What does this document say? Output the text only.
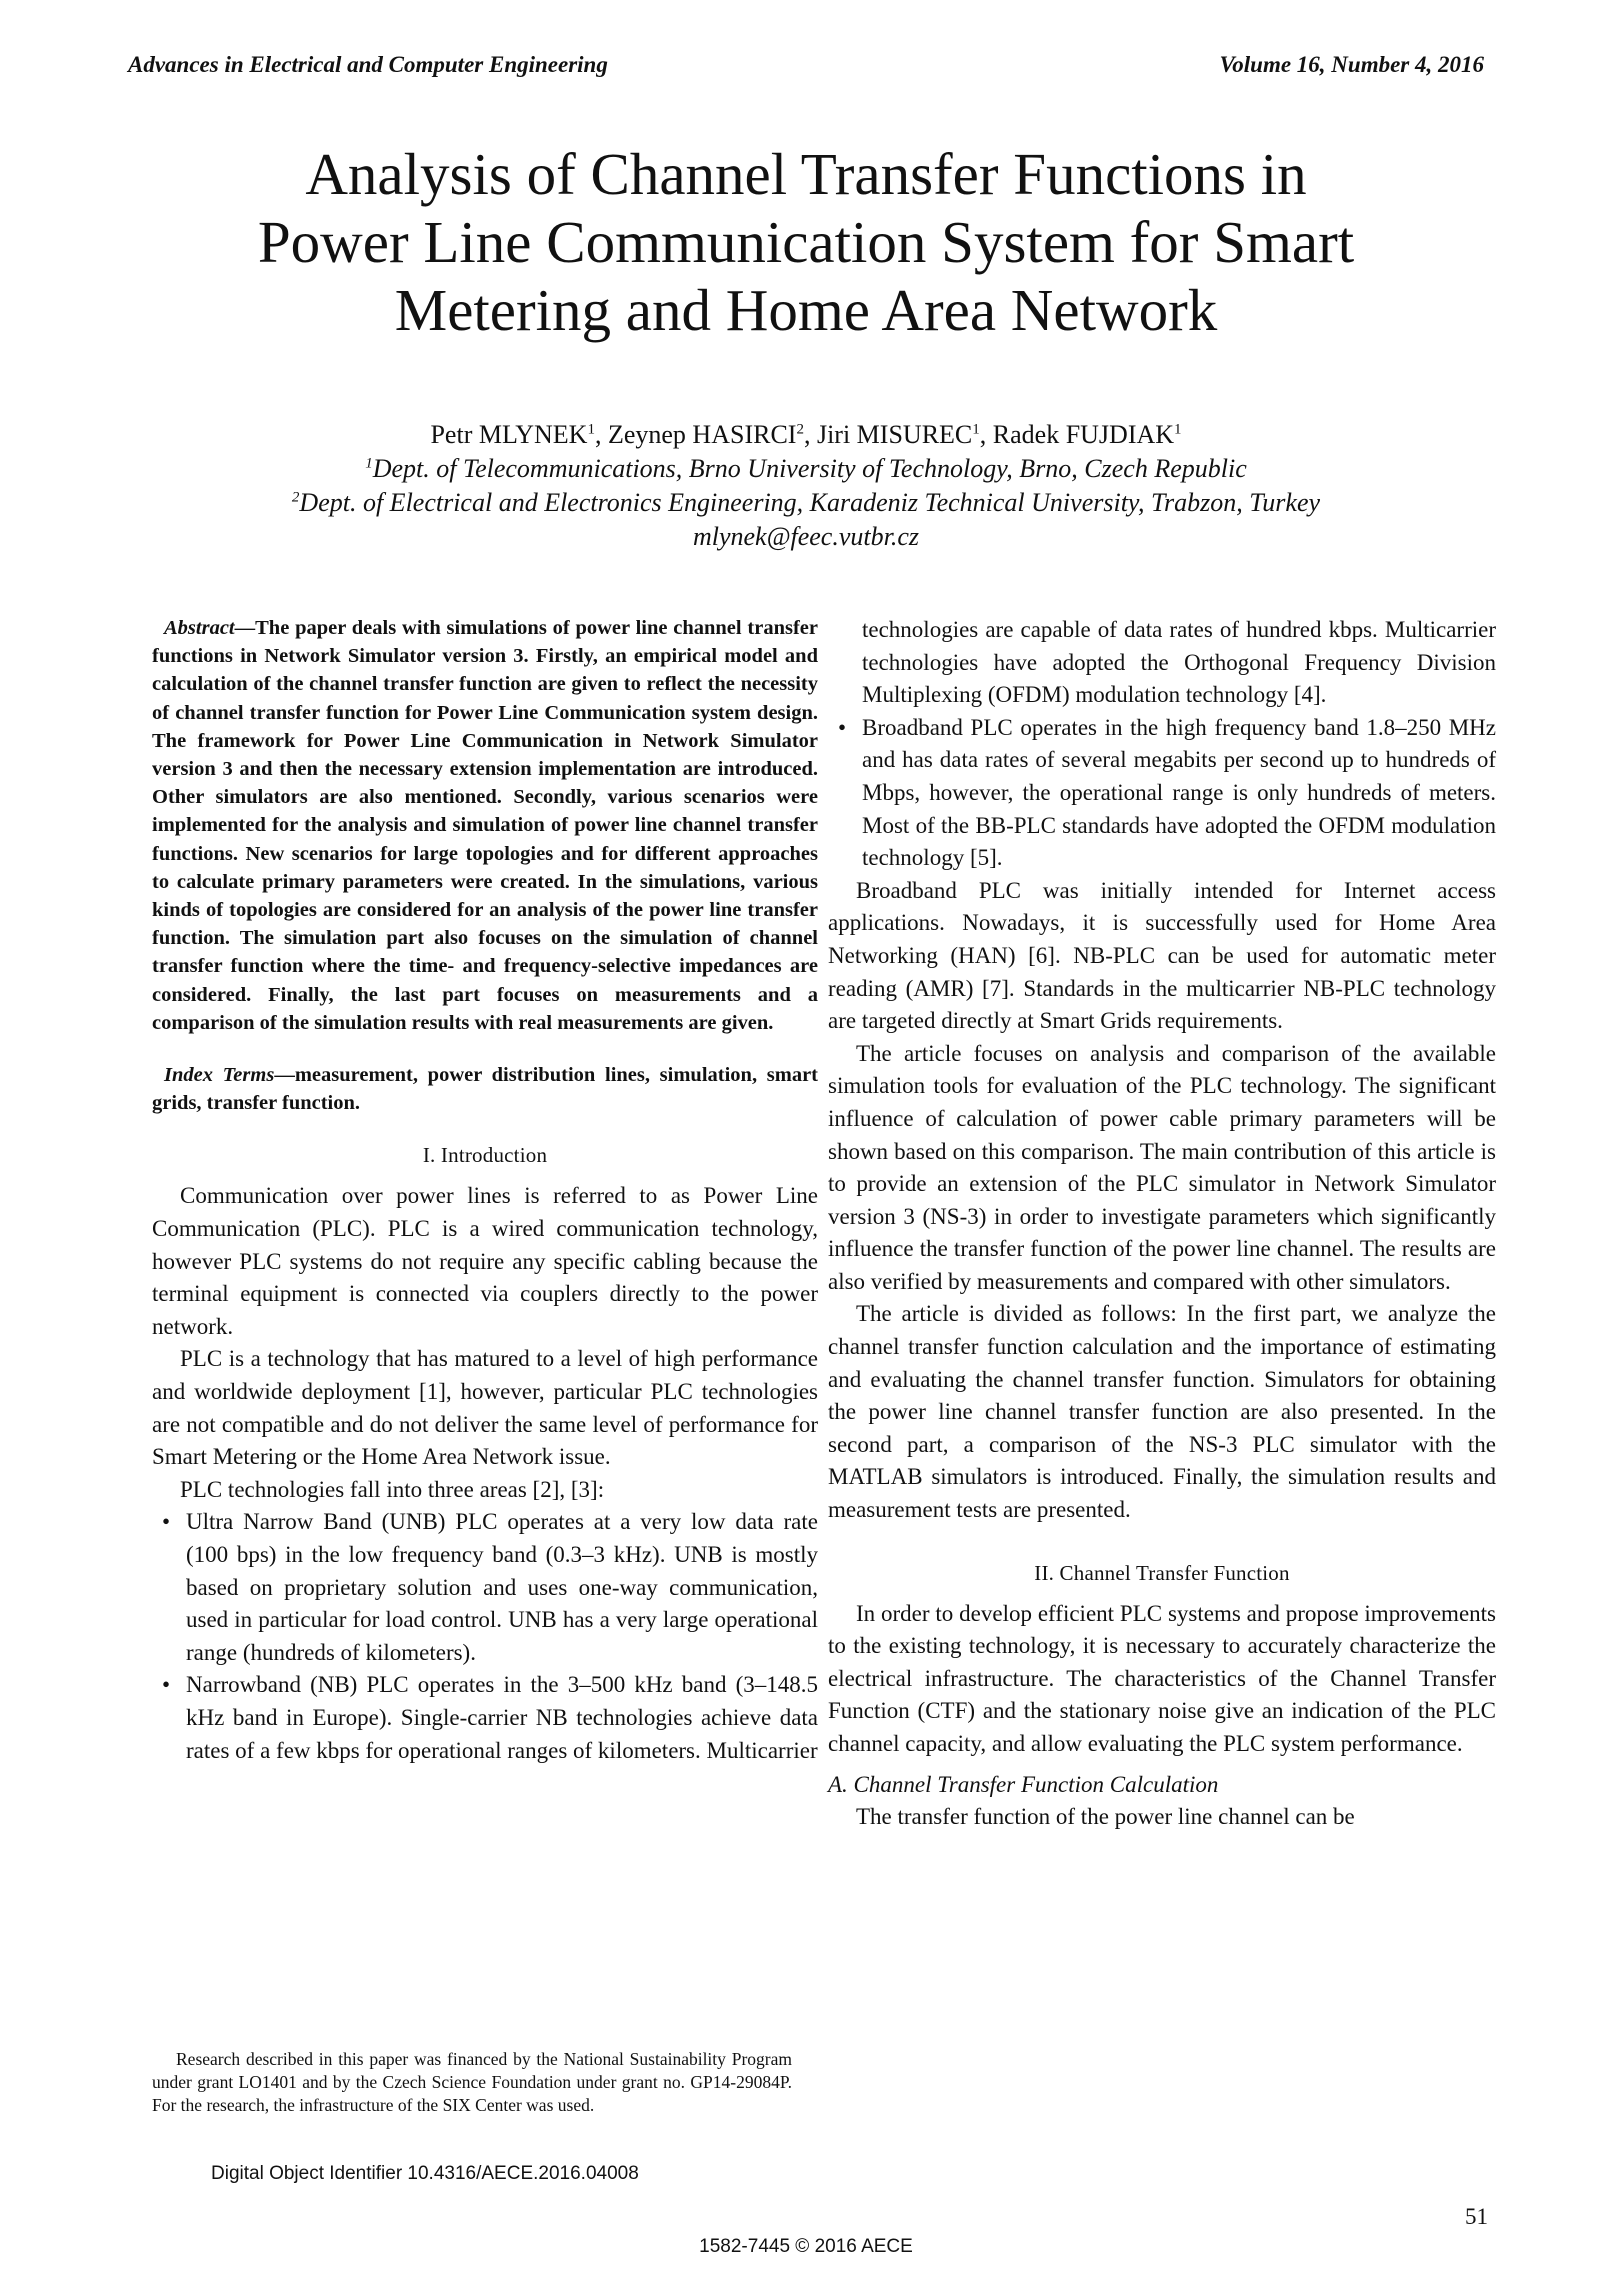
Advances in Electrical and Computer Engineering	Volume 16, Number 4, 2016
Analysis of Channel Transfer Functions in
Power Line Communication System for Smart
Metering and Home Area Network
Petr MLYNEK$^1$, Zeynep HASIRCI$^2$, Jiri MISUREC$^1$, Radek FUJDIAK$^1$
$^1$Dept. of Telecommunications, Brno University of Technology, Brno, Czech Republic
$^2$Dept. of Electrical and Electronics Engineering, Karadeniz Technical University, Trabzon, Turkey
mlynek@feec.vutbr.cz
Abstract—The paper deals with simulations of power line channel transfer functions in Network Simulator version 3. Firstly, an empirical model and calculation of the channel transfer function are given to reflect the necessity of channel transfer function for Power Line Communication system design. The framework for Power Line Communication in Network Simulator version 3 and then the necessary extension implementation are introduced. Other simulators are also mentioned. Secondly, various scenarios were implemented for the analysis and simulation of power line channel transfer functions. New scenarios for large topologies and for different approaches to calculate primary parameters were created. In the simulations, various kinds of topologies are considered for an analysis of the power line transfer function. The simulation part also focuses on the simulation of channel transfer function where the time- and frequency-selective impedances are considered. Finally, the last part focuses on measurements and a comparison of the simulation results with real measurements are given.
Index Terms—measurement, power distribution lines, simulation, smart grids, transfer function.
I. Introduction

Communication over power lines is referred to as Power Line Communication (PLC). PLC is a wired communication technology, however PLC systems do not require any specific cabling because the terminal equipment is connected via couplers directly to the power network.

PLC is a technology that has matured to a level of high performance and worldwide deployment [1], however, particular PLC technologies are not compatible and do not deliver the same level of performance for Smart Metering or the Home Area Network issue.

PLC technologies fall into three areas [2], [3]:

• Ultra Narrow Band (UNB) PLC operates at a very low data rate (100 bps) in the low frequency band (0.3–3 kHz). UNB is mostly based on proprietary solution and uses one-way communication, used in particular for load control. UNB has a very large operational range (hundreds of kilometers).

• Narrowband (NB) PLC operates in the 3–500 kHz band (3–148.5 kHz band in Europe). Single-carrier NB technologies achieve data rates of a few kbps for operational ranges of kilometers. Multicarrier

technologies are capable of data rates of hundred kbps. Multicarrier technologies have adopted the Orthogonal Frequency Division Multiplexing (OFDM) modulation technology [4].

• Broadband PLC operates in the high frequency band 1.8–250 MHz and has data rates of several megabits per second up to hundreds of Mbps, however, the operational range is only hundreds of meters. Most of the BB-PLC standards have adopted the OFDM modulation technology [5].

Broadband PLC was initially intended for Internet access applications. Nowadays, it is successfully used for Home Area Networking (HAN) [6]. NB-PLC can be used for automatic meter reading (AMR) [7]. Standards in the multicarrier NB-PLC technology are targeted directly at Smart Grids requirements.

The article focuses on analysis and comparison of the available simulation tools for evaluation of the PLC technology. The significant influence of calculation of power cable primary parameters will be shown based on this comparison. The main contribution of this article is to provide an extension of the PLC simulator in Network Simulator version 3 (NS-3) in order to investigate parameters which significantly influence the transfer function of the power line channel. The results are also verified by measurements and compared with other simulators.

The article is divided as follows: In the first part, we analyze the channel transfer function calculation and the importance of estimating and evaluating the channel transfer function. Simulators for obtaining the power line channel transfer function are also presented. In the second part, a comparison of the NS-3 PLC simulator with the MATLAB simulators is introduced. Finally, the simulation results and measurement tests are presented.

II. Channel Transfer Function

In order to develop efficient PLC systems and propose improvements to the existing technology, it is necessary to accurately characterize the electrical infrastructure. The characteristics of the Channel Transfer Function (CTF) and the stationary noise give an indication of the PLC channel capacity, and allow evaluating the PLC system performance.

A. Channel Transfer Function Calculation

The transfer function of the power line channel can be

Research described in this paper was financed by the National Sustainability Program under grant LO1401 and by the Czech Science Foundation under grant no. GP14-29084P. For the research, the infrastructure of the SIX Center was used.
Digital Object Identifier 10.4316/AECE.2016.04008
51
1582-7445 © 2016 AECE
